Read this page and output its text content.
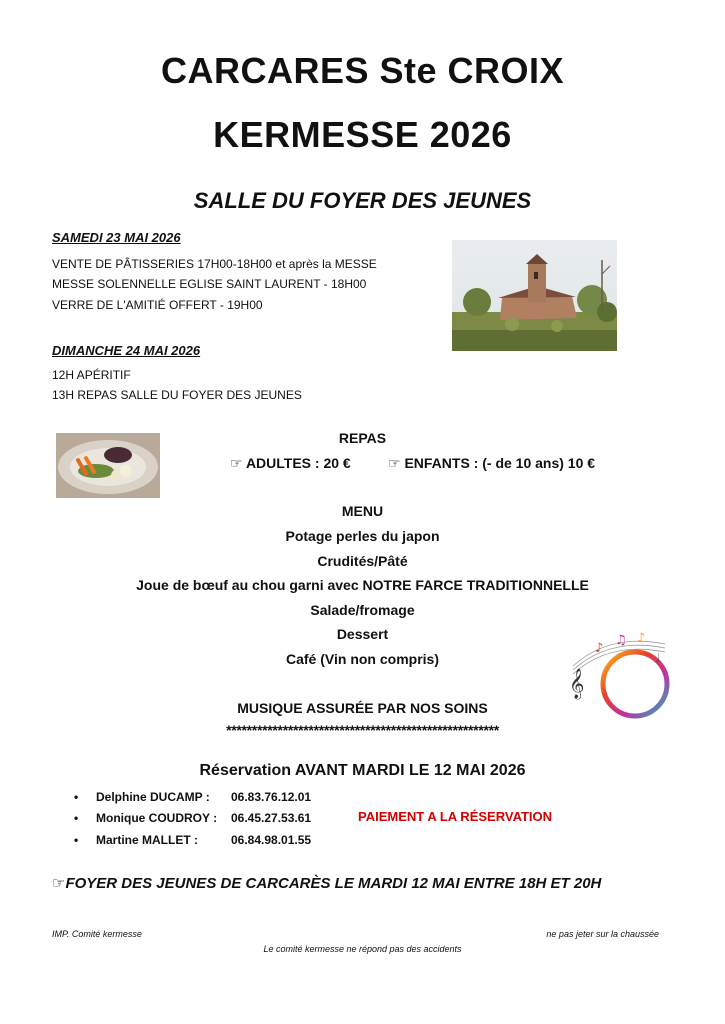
CARCARES Ste CROIX
KERMESSE 2026
SALLE DU FOYER DES JEUNES
SAMEDI 23 MAI 2026
VENTE DE PÂTISSERIES 17H00-18H00 et après la MESSE
MESSE SOLENNELLE EGLISE SAINT LAURENT - 18H00
VERRE DE L'AMITIÉ OFFERT - 19H00
DIMANCHE 24 MAI 2026
12H APÉRITIF
13H REPAS SALLE DU FOYER DES JEUNES
REPAS
☞ ADULTES : 20 €	☞ ENFANTS : (- de 10 ans) 10 €
MENU
Potage perles du japon
Crudités/Pâté
Joue de bœuf au chou garni avec NOTRE FARCE TRADITIONNELLE
Salade/fromage
Dessert
Café (Vin non compris)
𝄞
♪
♫ ♪
♩
MUSIQUE ASSURÉE PAR NOS SOINS
*****************************************************
Réservation AVANT MARDI LE 12 MAI 2026
• Delphine DUCAMP : 06.83.76.12.01
• Monique COUDROY : 06.45.27.53.61	PAIEMENT A LA RÉSERVATION
• Martine MALLET :	06.84.98.01.55
☞FOYER DES JEUNES DE CARCARÈS LE MARDI 12 MAI ENTRE 18H ET 20H
IMP. Comité kermesse	ne pas jeter sur la chaussée
Le comité kermesse ne répond pas des accidents
